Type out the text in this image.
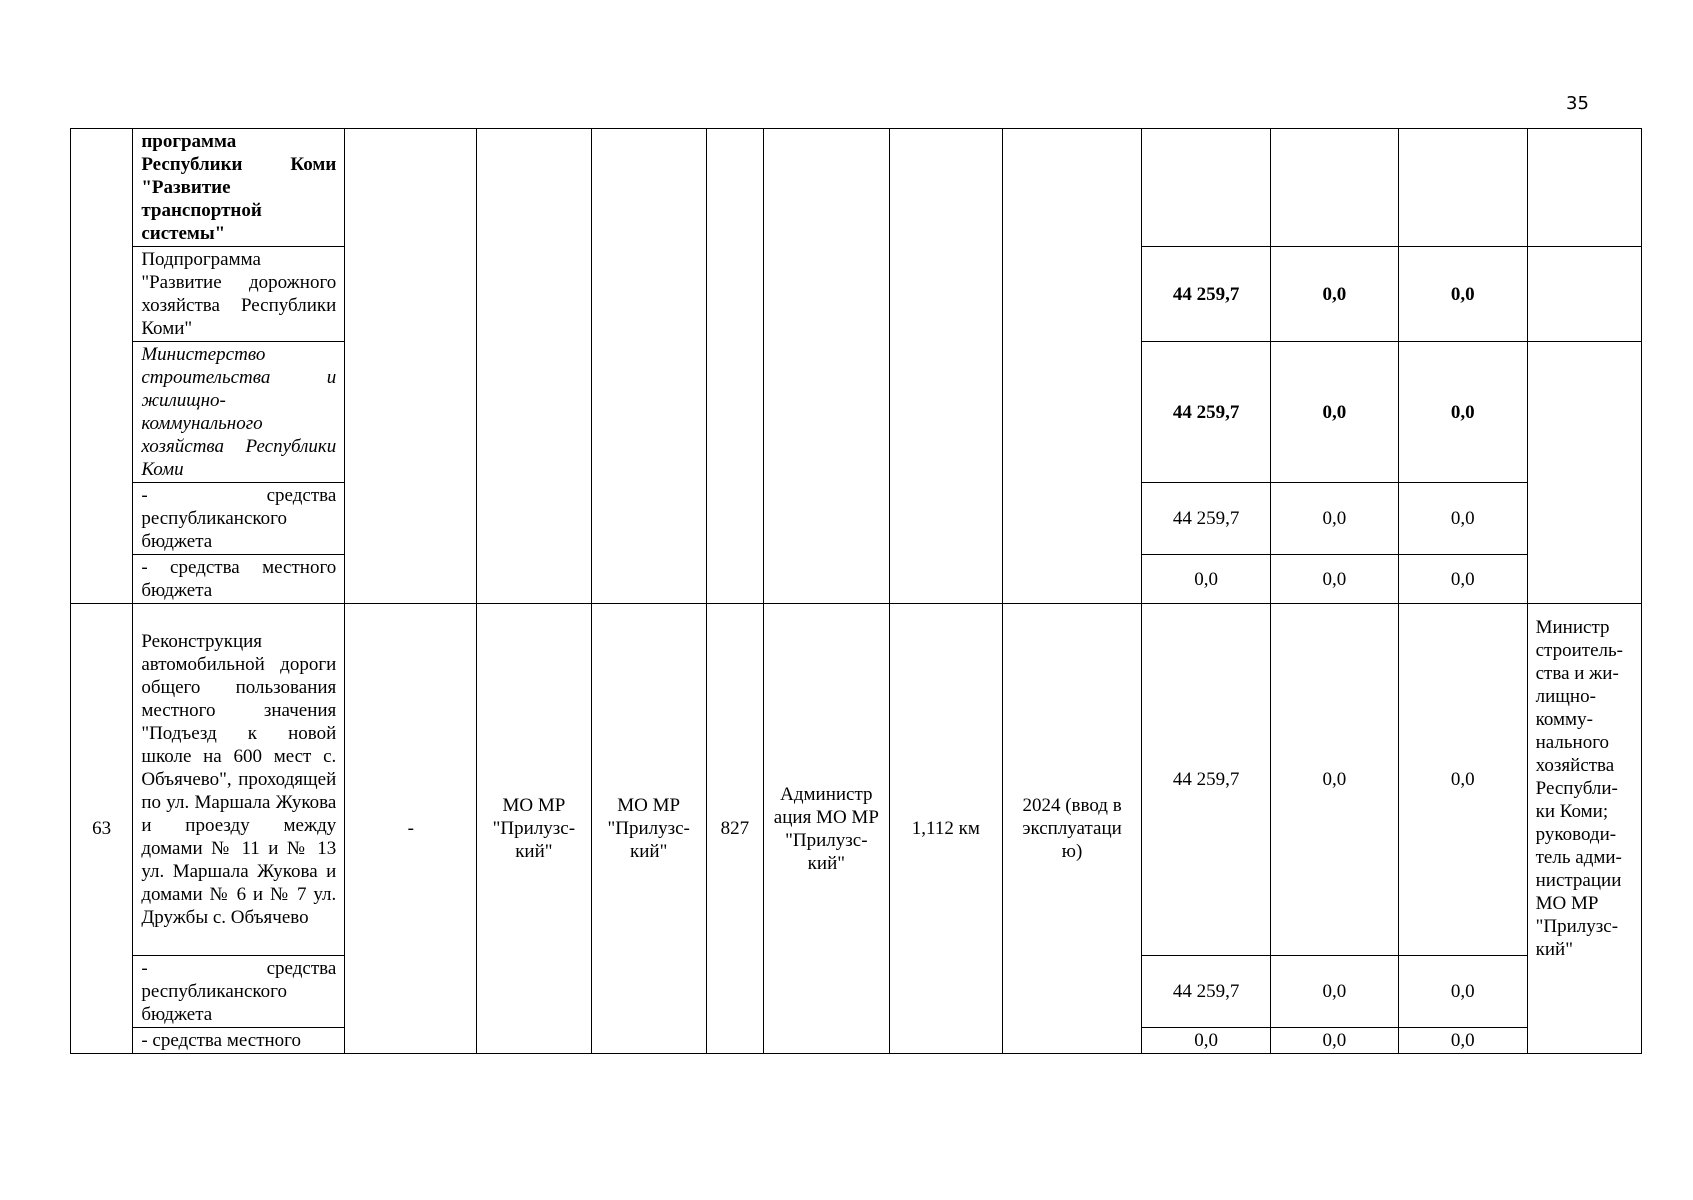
35
	программа Республики Коми "Развитие транспортной системы"											
	Подпрограмма "Развитие дорожного хозяйства Республики Коми"								44 259,7	0,0	0,0	
	Министерство строительства и жилищно-коммунального хозяйства Республики Коми								44 259,7	0,0	0,0	
	- средства республиканского бюджета								44 259,7	0,0	0,0	
	- средства местного бюджета								0,0	0,0	0,0	
63	Реконструкция автомобильной дороги общего пользования местного значения "Подъезд к новой школе на 600 мест с. Объячево", проходящей по ул. Маршала Жукова и проезду между домами № 11 и № 13 ул. Маршала Жукова и домами № 6 и № 7 ул. Дружбы с. Объячево	-	МО МР "Прилузс-кий"	МО МР "Прилузс-кий"	827	Администр ация МО МР "Прилузс-кий"	1,112 км	2024 (ввод в эксплуатаци ю)	44 259,7	0,0	0,0	Министр строитель-ства и жи-лищно-комму-нального хозяйства Республи-ки Коми; руководи-тель адми-нистрации МО МР "Прилузс-кий"
	- средства республиканского бюджета								44 259,7	0,0	0,0	
	- средства местного								0,0	0,0	0,0	
